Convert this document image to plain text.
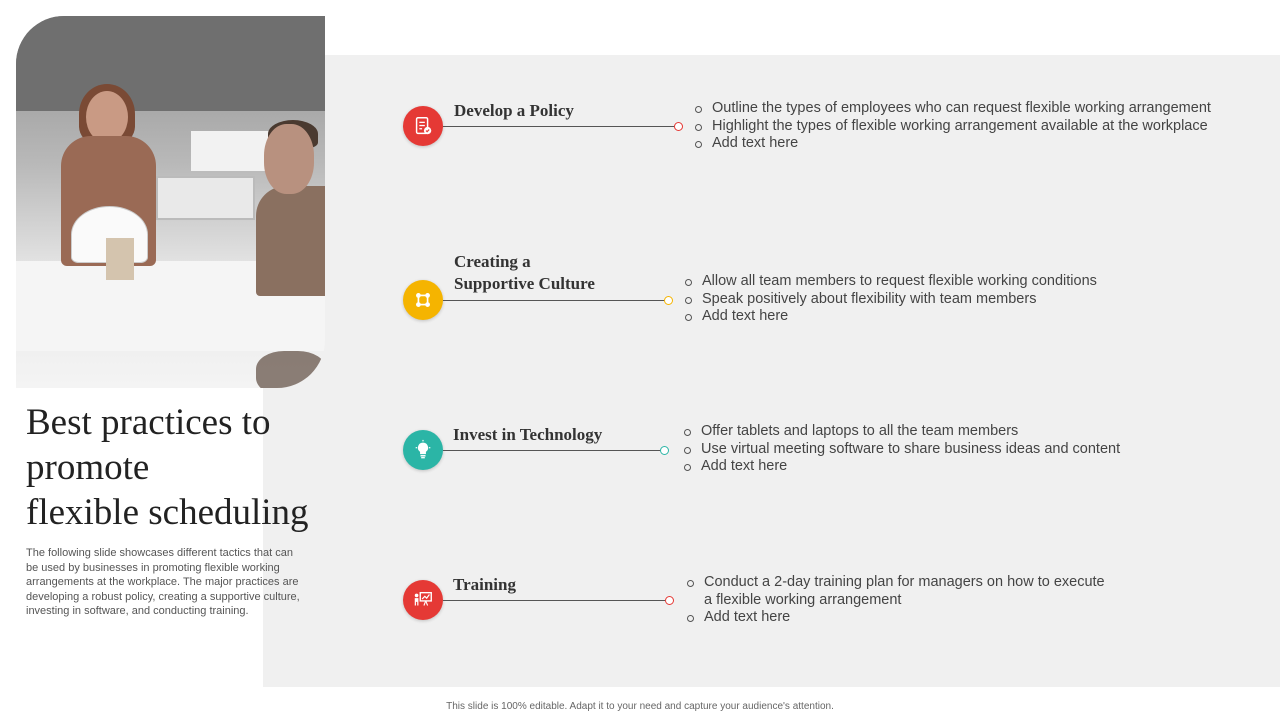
Best practices to
promote
flexible scheduling

The following slide showcases different tactics that can be used by businesses in promoting flexible working arrangements at the workplace. The major practices are developing a robust policy, creating a supportive culture, investing in software, and conducting training.

Develop a Policy	Outline the types of employees who can request flexible working arrangement
Highlight the types of flexible working arrangement available at the workplace
Add text here
Creating a
Supportive Culture	Allow all team members to request flexible working conditions
Speak positively about flexibility with team members
Add text here
Invest in Technology	Offer tablets and laptops to all the team members
Use virtual meeting software to share business ideas and content
Add text here
Training	Conduct a 2-day training plan for managers on how to execute a flexible working arrangement
Add text here
This slide is 100% editable. Adapt it to your need and capture your audience's attention.
